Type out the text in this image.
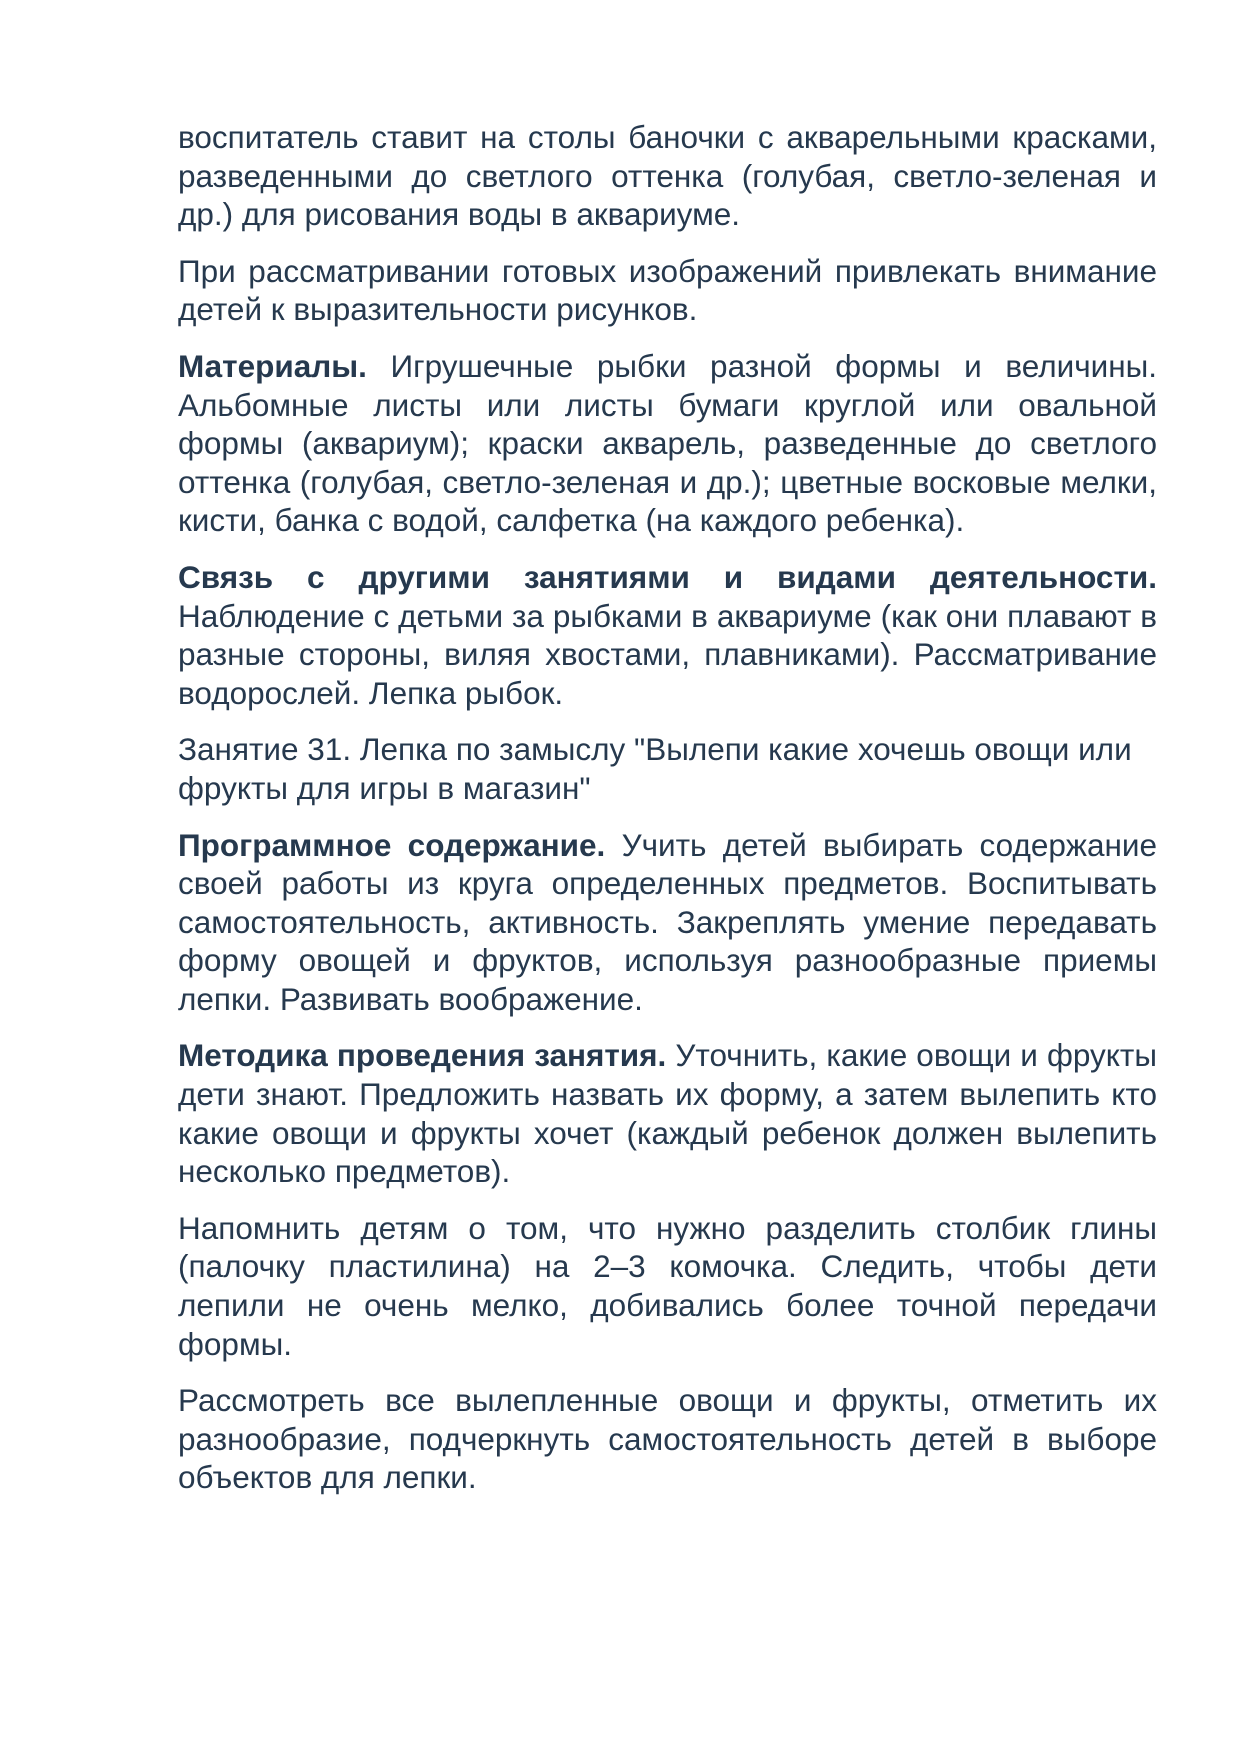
воспитатель ставит на столы баночки с акварельными красками, разведенными до светлого оттенка (голубая, светло-зеленая и др.) для рисования воды в аквариуме.

При рассматривании готовых изображений привлекать внимание детей к выразительности рисунков.

Материалы. Игрушечные рыбки разной формы и величины. Альбомные листы или листы бумаги круглой или овальной формы (аквариум); краски акварель, разведенные до светлого оттенка (голубая, светло-зеленая и др.); цветные восковые мелки, кисти, банка с водой, салфетка (на каждого ребенка).

Связь с другими занятиями и видами деятельности. Наблюдение с детьми за рыбками в аквариуме (как они плавают в разные стороны, виляя хвостами, плавниками). Рассматривание водорослей. Лепка рыбок.

Занятие 31. Лепка по замыслу "Вылепи какие хочешь овощи или фрукты для игры в магазин"

Программное содержание. Учить детей выбирать содержание своей работы из круга определенных предметов. Воспитывать самостоятельность, активность. Закреплять умение передавать форму овощей и фруктов, используя разнообразные приемы лепки. Развивать воображение.

Методика проведения занятия. Уточнить, какие овощи и фрукты дети знают. Предложить назвать их форму, а затем вылепить кто какие овощи и фрукты хочет (каждый ребенок должен вылепить несколько предметов).

Напомнить детям о том, что нужно разделить столбик глины (палочку пластилина) на 2–3 комочка. Следить, чтобы дети лепили не очень мелко, добивались более точной передачи формы.

Рассмотреть все вылепленные овощи и фрукты, отметить их разнообразие, подчеркнуть самостоятельность детей в выборе объектов для лепки.
